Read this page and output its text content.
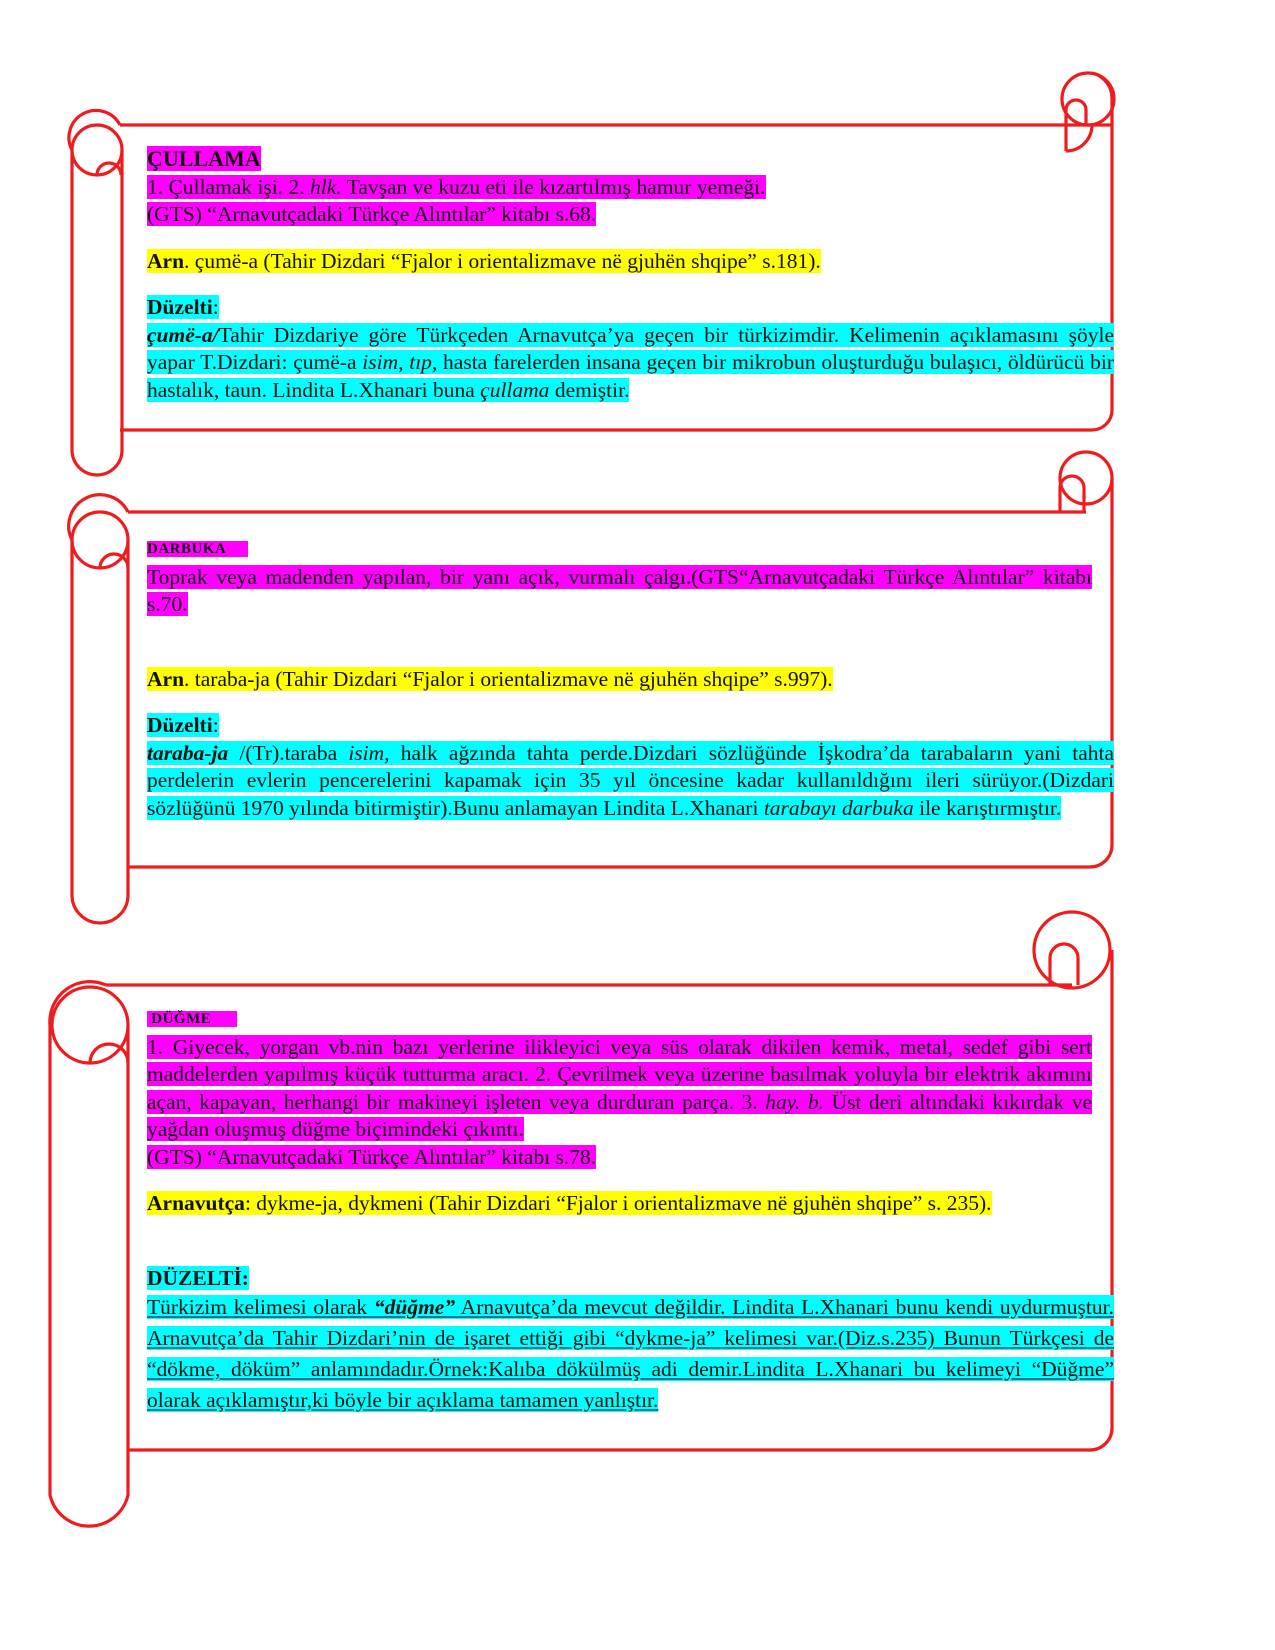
ÇULLAMA
1. Çullamak işi. 2. hlk. Tavşan ve kuzu eti ile kızartılmış hamur yemeği.
(GTS) “Arnavutçadaki Türkçe Alıntılar” kitabı s.68.
Arn. çumë-a (Tahir Dizdari “Fjalor i orientalizmave në gjuhën shqipe” s.181).
Düzelti:
çumë-a/Tahir Dizdariye göre Türkçeden Arnavutça’ya geçen bir türkizimdir. Kelimenin açıklamasını şöyle yapar T.Dizdari: çumë-a isim, tıp, hasta farelerden insana geçen bir mikrobun oluşturduğu bulaşıcı, öldürücü bir hastalık, taun. Lindita L.Xhanari buna çullama demiştir.
DARBUKA
Toprak veya madenden yapılan, bir yanı açık, vurmalı çalgı.(GTS“Arnavutçadaki Türkçe Alıntılar” kitabı s.70.
Arn. taraba-ja (Tahir Dizdari “Fjalor i orientalizmave në gjuhën shqipe” s.997).
Düzelti:
taraba-ja /(Tr).taraba isim, halk ağzında tahta perde.Dizdari sözlüğünde İşkodra’da tarabaların yani tahta perdelerin evlerin pencerelerini kapamak için 35 yıl öncesine kadar kullanıldığını ileri sürüyor.(Dizdari sözlüğünü 1970 yılında bitirmiştir).Bunu anlamayan Lindita L.Xhanari tarabayı darbuka ile karıştırmıştır.
DÜĞME
1. Giyecek, yorgan vb.nin bazı yerlerine ilikleyici veya süs olarak dikilen kemik, metal, sedef gibi sert maddelerden yapılmış küçük tutturma aracı. 2. Çevrilmek veya üzerine basılmak yoluyla bir elektrik akımını açan, kapayan, herhangi bir makineyi işleten veya durduran parça. 3. hay. b. Üst deri altındaki kıkırdak ve yağdan oluşmuş düğme biçimindeki çıkıntı.
(GTS) “Arnavutçadaki Türkçe Alıntılar” kitabı s.78.
Arnavutça: dykme-ja, dykmeni (Tahir Dizdari “Fjalor i orientalizmave në gjuhën shqipe” s. 235).
DÜZELTİ:
Türkizim kelimesi olarak “düğme” Arnavutça’da mevcut değildir. Lindita L.Xhanari bunu kendi uydurmuştur. Arnavutça’da Tahir Dizdari’nin de işaret ettiği gibi “dykme-ja” kelimesi var.(Diz.s.235) Bunun Türkçesi de “dökme, döküm” anlamındadır.Örnek:Kalıba dökülmüş adi demir.Lindita L.Xhanari bu kelimeyi “Düğme” olarak açıklamıştır,ki böyle bir açıklama tamamen yanlıştır.
